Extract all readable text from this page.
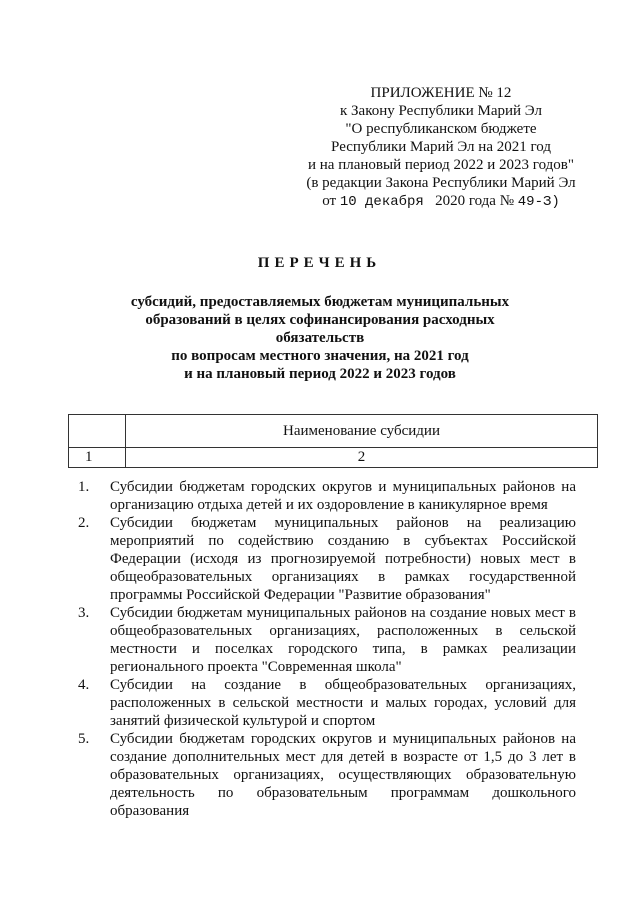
ПРИЛОЖЕНИЕ № 12
к Закону Республики Марий Эл
"О республиканском бюджете
Республики Марий Эл на 2021 год
и на плановый период 2022 и 2023 годов"
(в редакции Закона Республики Марий Эл
от 10 декабря 2020 года № 49-З)
ПЕРЕЧЕНЬ
субсидий, предоставляемых бюджетам муниципальных
образований в целях софинансирования расходных обязательств
по вопросам местного значения, на 2021 год
и на плановый период 2022 и 2023 годов
	Наименование субсидии
1	2
1.	Субсидии бюджетам городских округов и муниципальных районов на организацию отдыха детей и их оздоровление в каникулярное время
2.	Субсидии бюджетам муниципальных районов на реализацию мероприятий по содействию созданию в субъектах Российской Федерации (исходя из прогнозируемой потребности) новых мест в общеобразовательных организациях в рамках государственной программы Российской Федерации "Развитие образования"
3.	Субсидии бюджетам муниципальных районов на создание новых мест в общеобразовательных организациях, расположенных в сельской местности и поселках городского типа, в рамках реализации регионального проекта "Современная школа"
4.	Субсидии на создание в общеобразовательных организациях, расположенных в сельской местности и малых городах, условий для занятий физической культурой и спортом
5.	Субсидии бюджетам городских округов и муниципальных районов на создание дополнительных мест для детей в возрасте от 1,5 до 3 лет в образовательных организациях, осуществляющих образовательную деятельность по образовательным программам дошкольного образования
